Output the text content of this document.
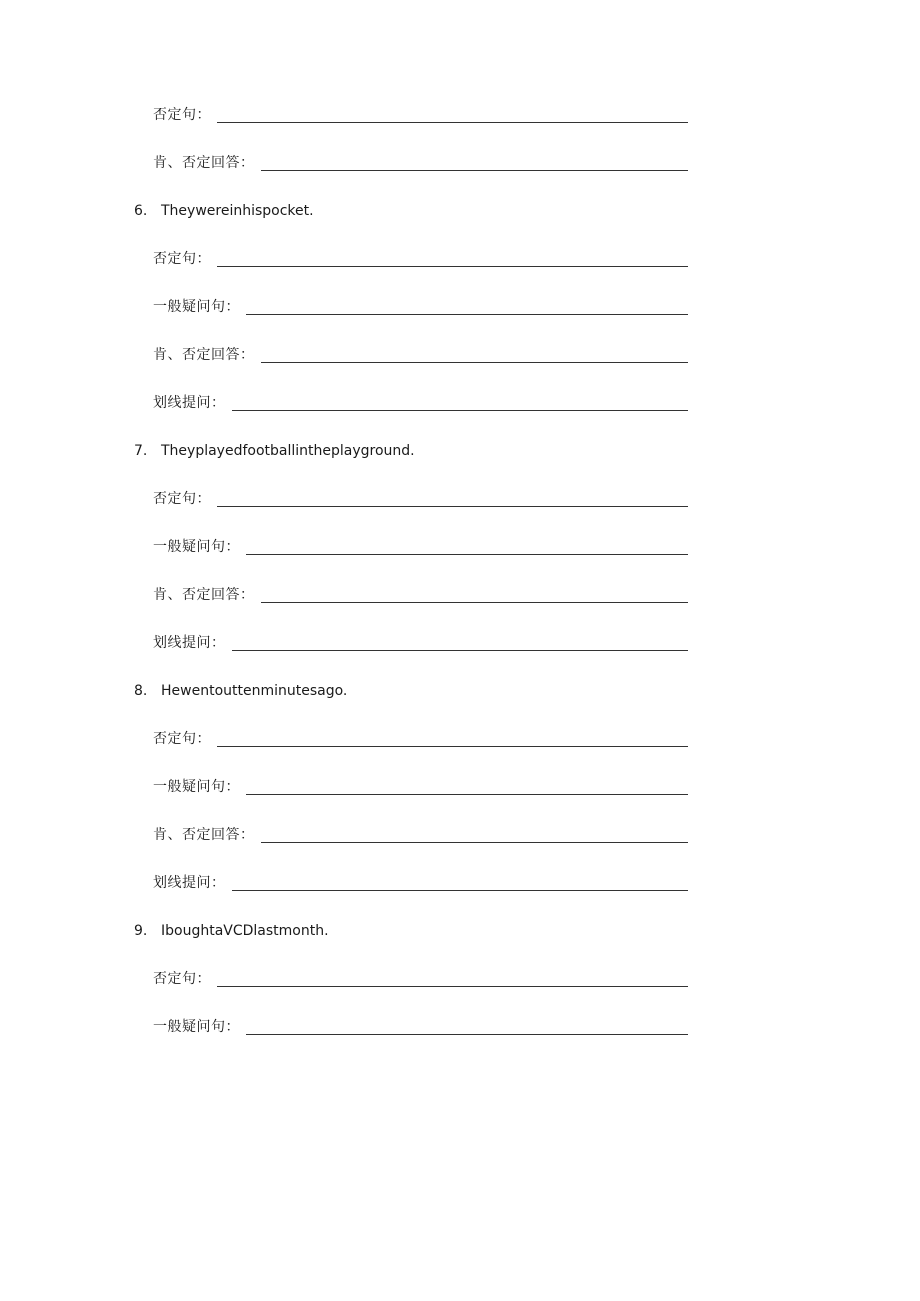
否定句：
肯、否定回答：
6. Theywereinhispocket.
否定句：
一般疑问句：
肯、否定回答：
划线提问：
7. Theyplayedfootballintheplayground.
否定句：
一般疑问句：
肯、否定回答：
划线提问：
8. Hewentouttenminutesago.
否定句：
一般疑问句：
肯、否定回答：
划线提问：
9. IboughtaVCDlastmonth.
否定句：
一般疑问句：
